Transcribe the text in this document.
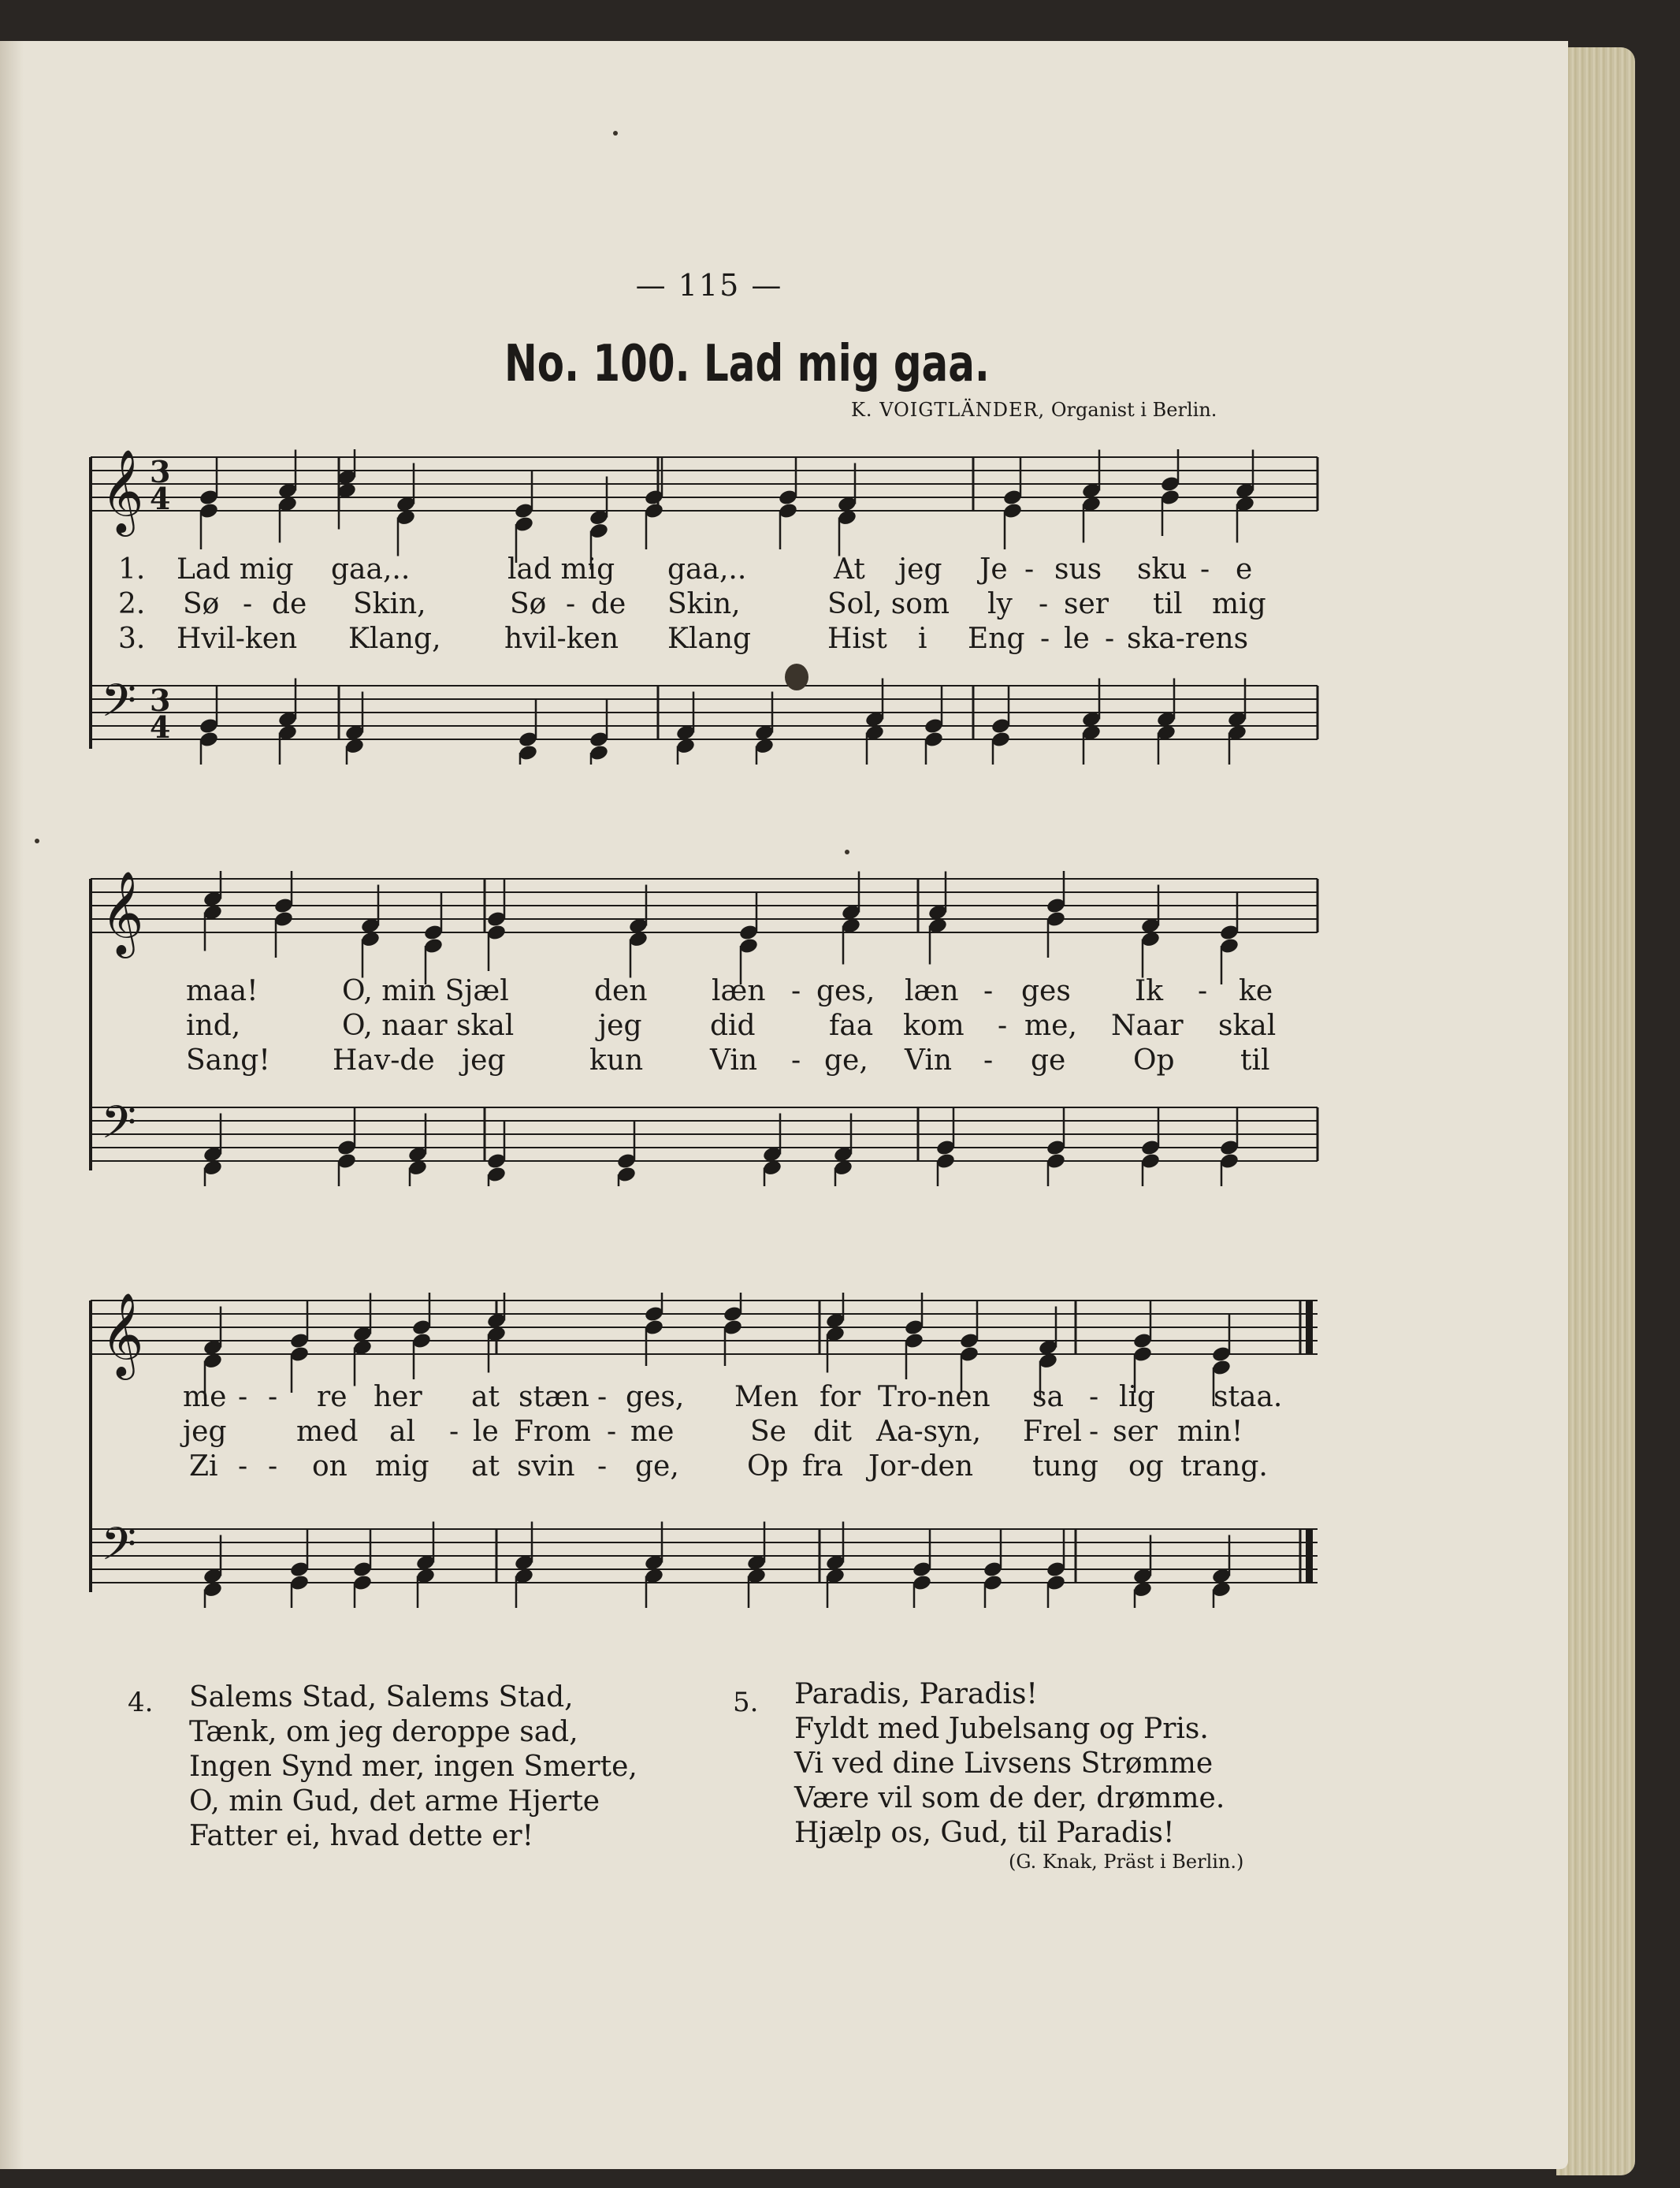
— 115 —
No. 100. Lad mig gaa.
K. VOIGTLÄNDER, Organist i Berlin.
𝄞 3
4
𝄢 3
4
𝄞
𝄢
𝄞
𝄢
1. Lad mig gaa,..	lad mig gaa,..	At jeg Je - sus sku - e
2. Sø - de Skin,	Sø - de Skin,	Sol, som ly - ser til mig
3. Hvil-ken Klang, hvil-ken Klang	Hist i Eng - le - ska-rens
maa!	O, min Sjæl	den læn - ges, læn - ges Ik - ke
ind,	O, naar skal	jeg did	faa kom - me, Naar skal
Sang! Hav-de jeg	kun Vin - ge, Vin - ge Op til
me - - re her at stæn - ges, Men for Tro-nen sa - lig staa.
jeg med al - le From - me	Se dit Aa-syn, Frel - ser min!
Zi - - on mig at svin - ge, Op fra Jor-den tung og trang.
4. Salems Stad, Salems Stad,
Tænk, om jeg deroppe sad,
Ingen Synd mer, ingen Smerte,
O, min Gud, det arme Hjerte
Fatter ei, hvad dette er!
5. Paradis, Paradis!
Fyldt med Jubelsang og Pris.
Vi ved dine Livsens Strømme
Være vil som de der, drømme.
Hjælp os, Gud, til Paradis!
(G. Knak, Präst i Berlin.)
